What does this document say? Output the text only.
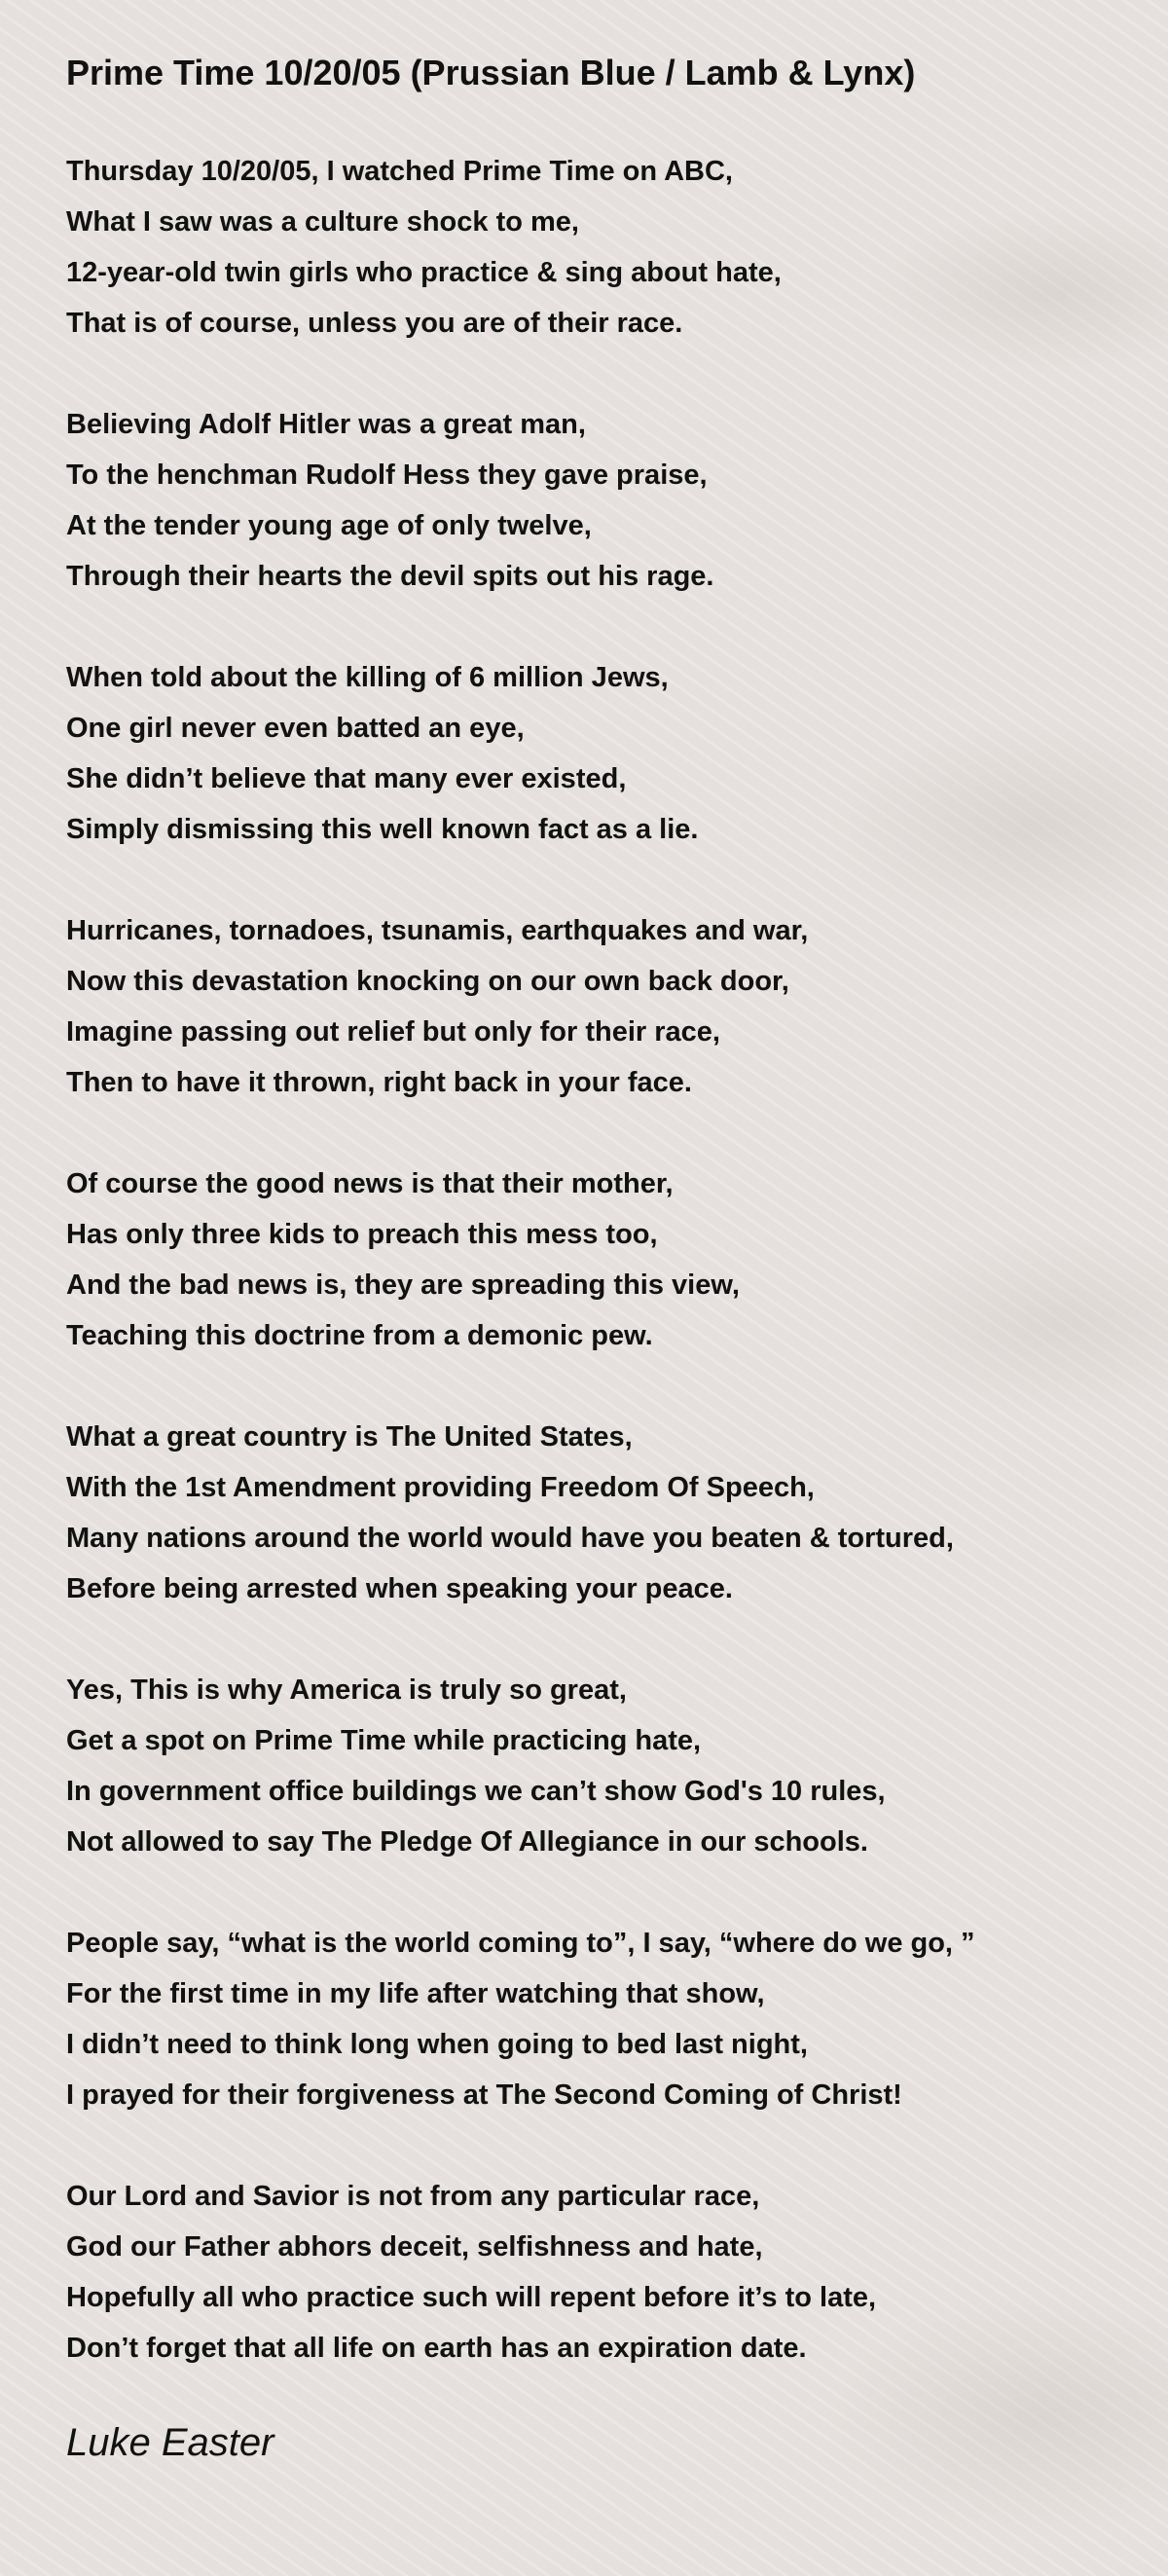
Prime Time 10/20/05 (Prussian Blue / Lamb & Lynx)
Thursday 10/20/05, I watched Prime Time on ABC,
What I saw was a culture shock to me,
12-year-old twin girls who practice & sing about hate,
That is of course, unless you are of their race.
Believing Adolf Hitler was a great man,
To the henchman Rudolf Hess they gave praise,
At the tender young age of only twelve,
Through their hearts the devil spits out his rage.
When told about the killing of 6 million Jews,
One girl never even batted an eye,
She didn’t believe that many ever existed,
Simply dismissing this well known fact as a lie.
Hurricanes, tornadoes, tsunamis, earthquakes and war,
Now this devastation knocking on our own back door,
Imagine passing out relief but only for their race,
Then to have it thrown, right back in your face.
Of course the good news is that their mother,
Has only three kids to preach this mess too,
And the bad news is, they are spreading this view,
Teaching this doctrine from a demonic pew.
What a great country is The United States,
With the 1st Amendment providing Freedom Of Speech,
Many nations around the world would have you beaten & tortured,
Before being arrested when speaking your peace.
Yes, This is why America is truly so great,
Get a spot on Prime Time while practicing hate,
In government office buildings we can’t show God's 10 rules,
Not allowed to say The Pledge Of Allegiance in our schools.
People say, “what is the world coming to”, I say, “where do we go, ”
For the first time in my life after watching that show,
I didn’t need to think long when going to bed last night,
I prayed for their forgiveness at The Second Coming of Christ!
Our Lord and Savior is not from any particular race,
God our Father abhors deceit, selfishness and hate,
Hopefully all who practice such will repent before it’s to late,
Don’t forget that all life on earth has an expiration date.
Luke Easter
